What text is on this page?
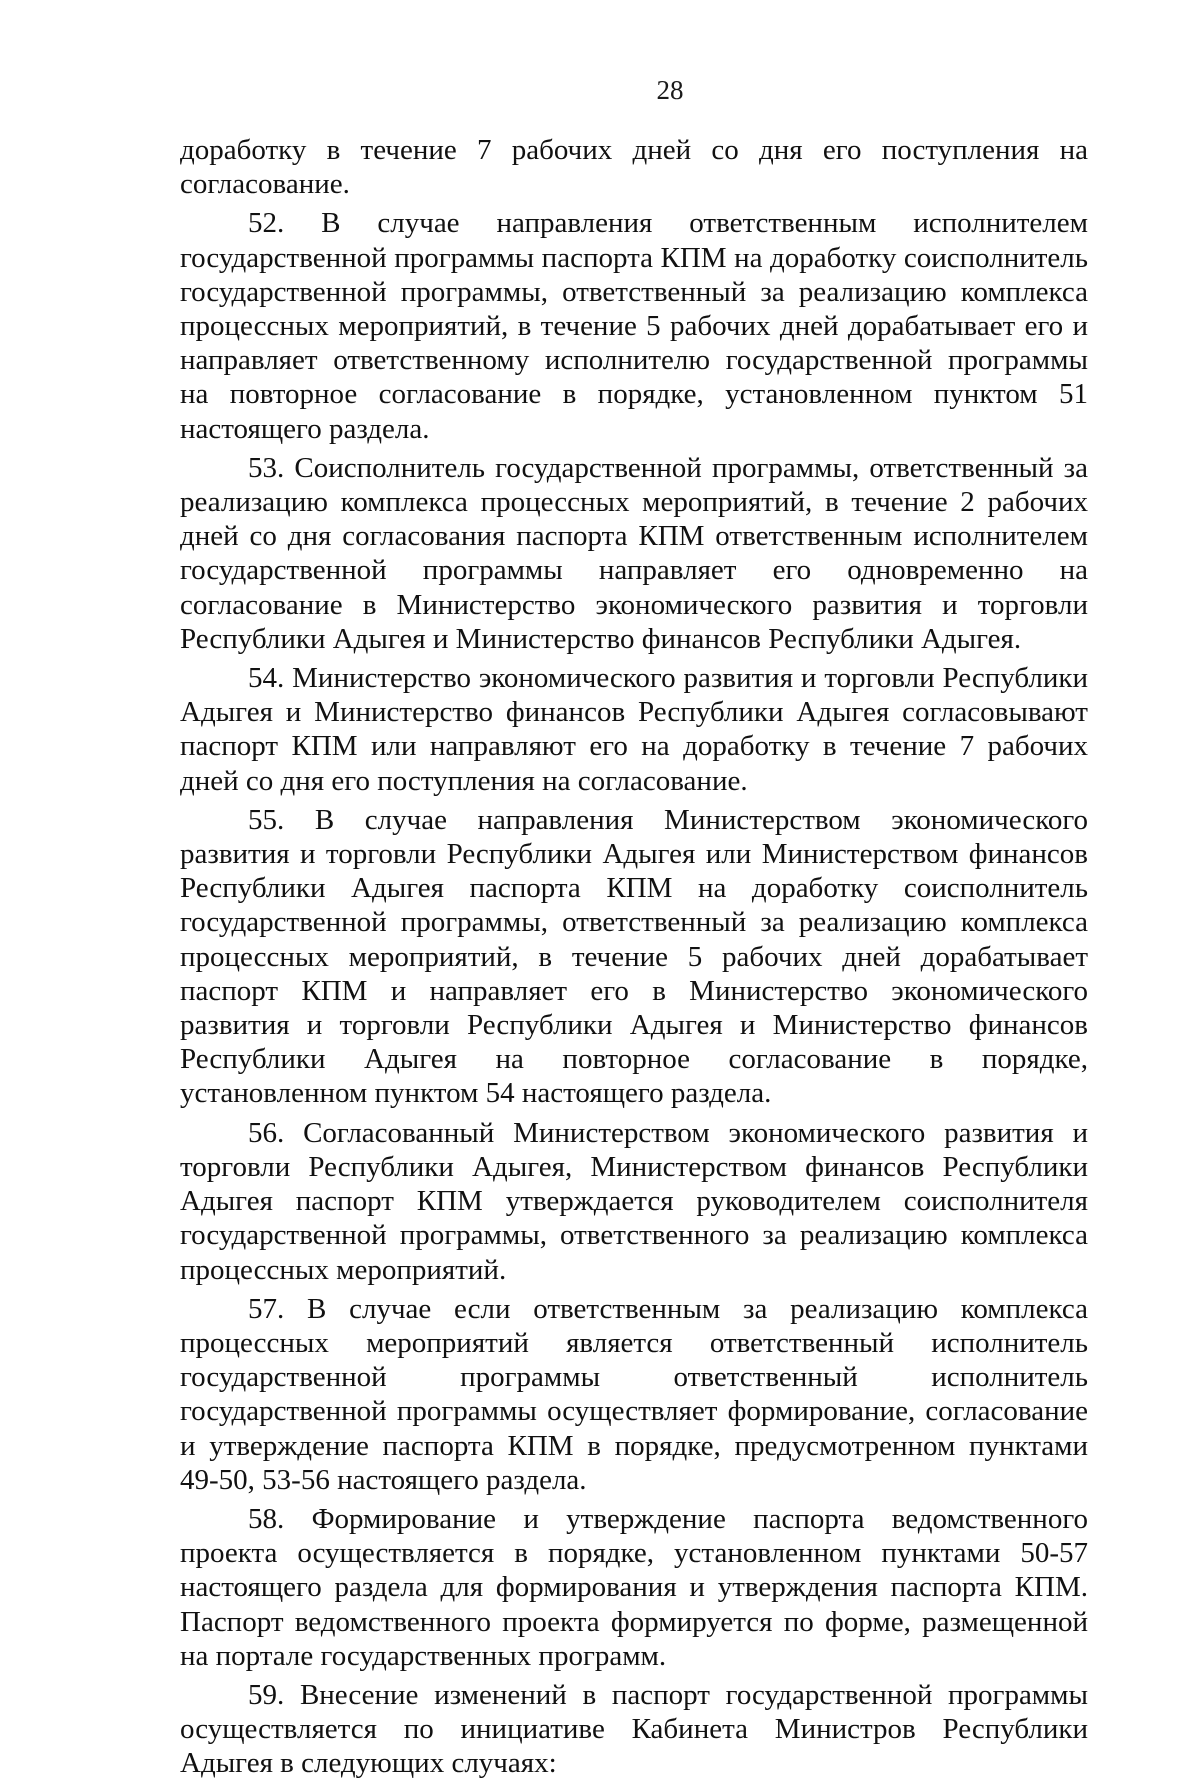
28

доработку в течение 7 рабочих дней со дня его поступления на согласование.

52. В случае направления ответственным исполнителем государственной программы паспорта КПМ на доработку соисполнитель государственной программы, ответственный за реализацию комплекса процессных мероприятий, в течение 5 рабочих дней дорабатывает его и направляет ответственному исполнителю государственной программы на повторное согласование в порядке, установленном пунктом 51 настоящего раздела.

53. Соисполнитель государственной программы, ответственный за реализацию комплекса процессных мероприятий, в течение 2 рабочих дней со дня согласования паспорта КПМ ответственным исполнителем государственной программы направляет его одновременно на согласование в Министерство экономического развития и торговли Республики Адыгея и Министерство финансов Республики Адыгея.

54. Министерство экономического развития и торговли Республики Адыгея и Министерство финансов Республики Адыгея согласовывают паспорт КПМ или направляют его на доработку в течение 7 рабочих дней со дня его поступления на согласование.

55. В случае направления Министерством экономического развития и торговли Республики Адыгея или Министерством финансов Республики Адыгея паспорта КПМ на доработку соисполнитель государственной программы, ответственный за реализацию комплекса процессных мероприятий, в течение 5 рабочих дней дорабатывает паспорт КПМ и направляет его в Министерство экономического развития и торговли Республики Адыгея и Министерство финансов Республики Адыгея на повторное согласование в порядке, установленном пунктом 54 настоящего раздела.

56. Согласованный Министерством экономического развития и торговли Республики Адыгея, Министерством финансов Республики Адыгея паспорт КПМ утверждается руководителем соисполнителя государственной программы, ответственного за реализацию комплекса процессных мероприятий.

57. В случае если ответственным за реализацию комплекса процессных мероприятий является ответственный исполнитель государственной программы ответственный исполнитель государственной программы осуществляет формирование, согласование и утверждение паспорта КПМ в порядке, предусмотренном пунктами 49-50, 53-56 настоящего раздела.

58. Формирование и утверждение паспорта ведомственного проекта осуществляется в порядке, установленном пунктами 50-57 настоящего раздела для формирования и утверждения паспорта КПМ. Паспорт ведомственного проекта формируется по форме, размещенной на портале государственных программ.

59. Внесение изменений в паспорт государственной программы осуществляется по инициативе Кабинета Министров Республики Адыгея в следующих случаях:
